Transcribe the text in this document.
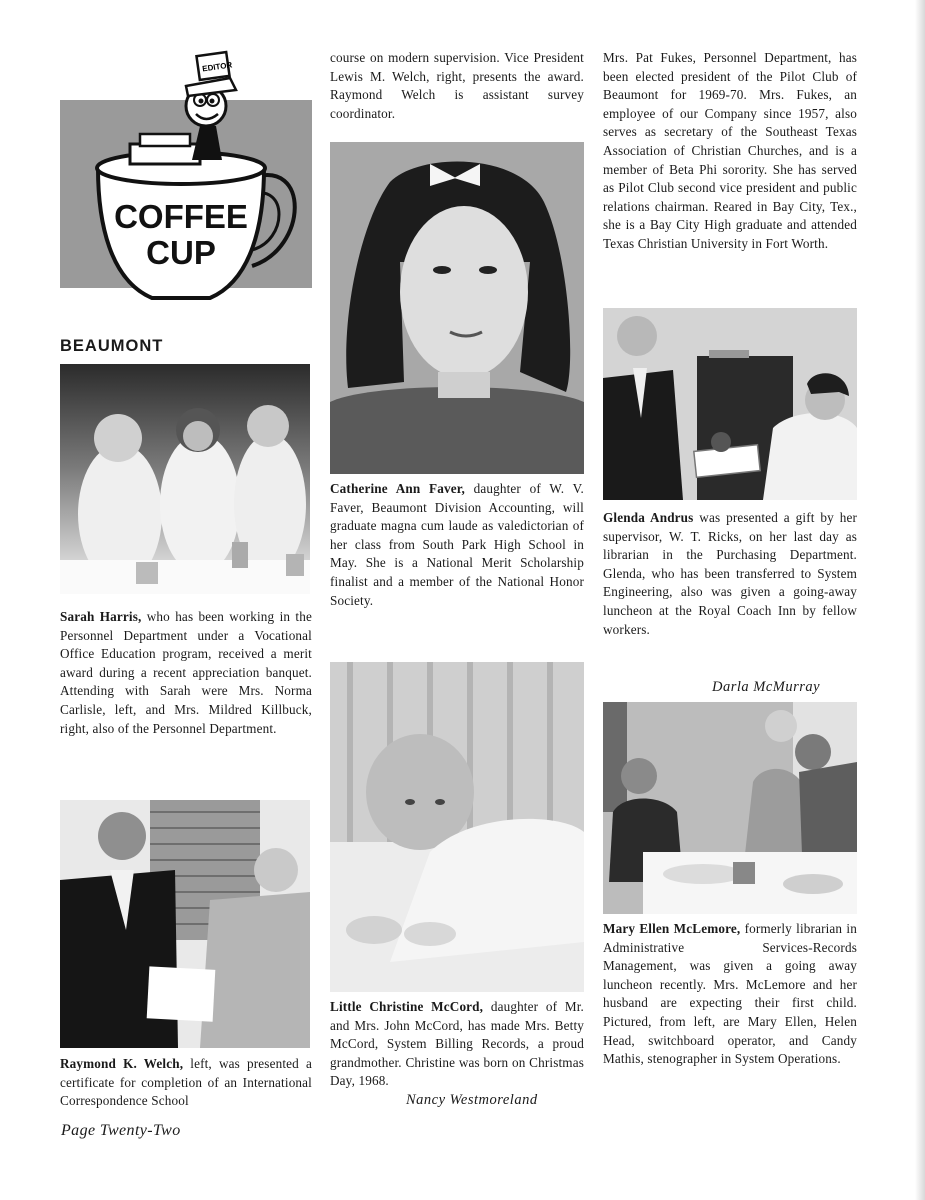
EDITOR
COFFEE
CUP
BEAUMONT
Sarah Harris, who has been working in the Personnel Department under a Vocational Office Education program, received a merit award during a recent appreciation banquet. Attending with Sarah were Mrs. Norma Carlisle, left, and Mrs. Mildred Killbuck, right, also of the Personnel Department.
Raymond K. Welch, left, was presented a certificate for completion of an International Correspondence School
course on modern supervision. Vice President Lewis M. Welch, right, presents the award. Raymond Welch is assistant survey coordinator.
Catherine Ann Faver, daughter of W. V. Faver, Beaumont Division Accounting, will graduate magna cum laude as valedictorian of her class from South Park High School in May. She is a National Merit Scholarship finalist and a member of the National Honor Society.
Little Christine McCord, daughter of Mr. and Mrs. John McCord, has made Mrs. Betty McCord, System Billing Records, a proud grandmother. Christine was born on Christmas Day, 1968.
Nancy Westmoreland
Mrs. Pat Fukes, Personnel Department, has been elected president of the Pilot Club of Beaumont for 1969-70. Mrs. Fukes, an employee of our Company since 1957, also serves as secretary of the Southeast Texas Association of Christian Churches, and is a member of Beta Phi sorority. She has served as Pilot Club second vice president and public relations chairman. Reared in Bay City, Tex., she is a Bay City High graduate and attended Texas Christian University in Fort Worth.
Glenda Andrus was presented a gift by her supervisor, W. T. Ricks, on her last day as librarian in the Purchasing Department. Glenda, who has been transferred to System Engineering, also was given a going-away luncheon at the Royal Coach Inn by fellow workers.
Darla McMurray
Mary Ellen McLemore, formerly librarian in Administrative Services-Records Management, was given a going away luncheon recently. Mrs. McLemore and her husband are expecting their first child. Pictured, from left, are Mary Ellen, Helen Head, switchboard operator, and Candy Mathis, stenographer in System Operations.
Page Twenty-Two
